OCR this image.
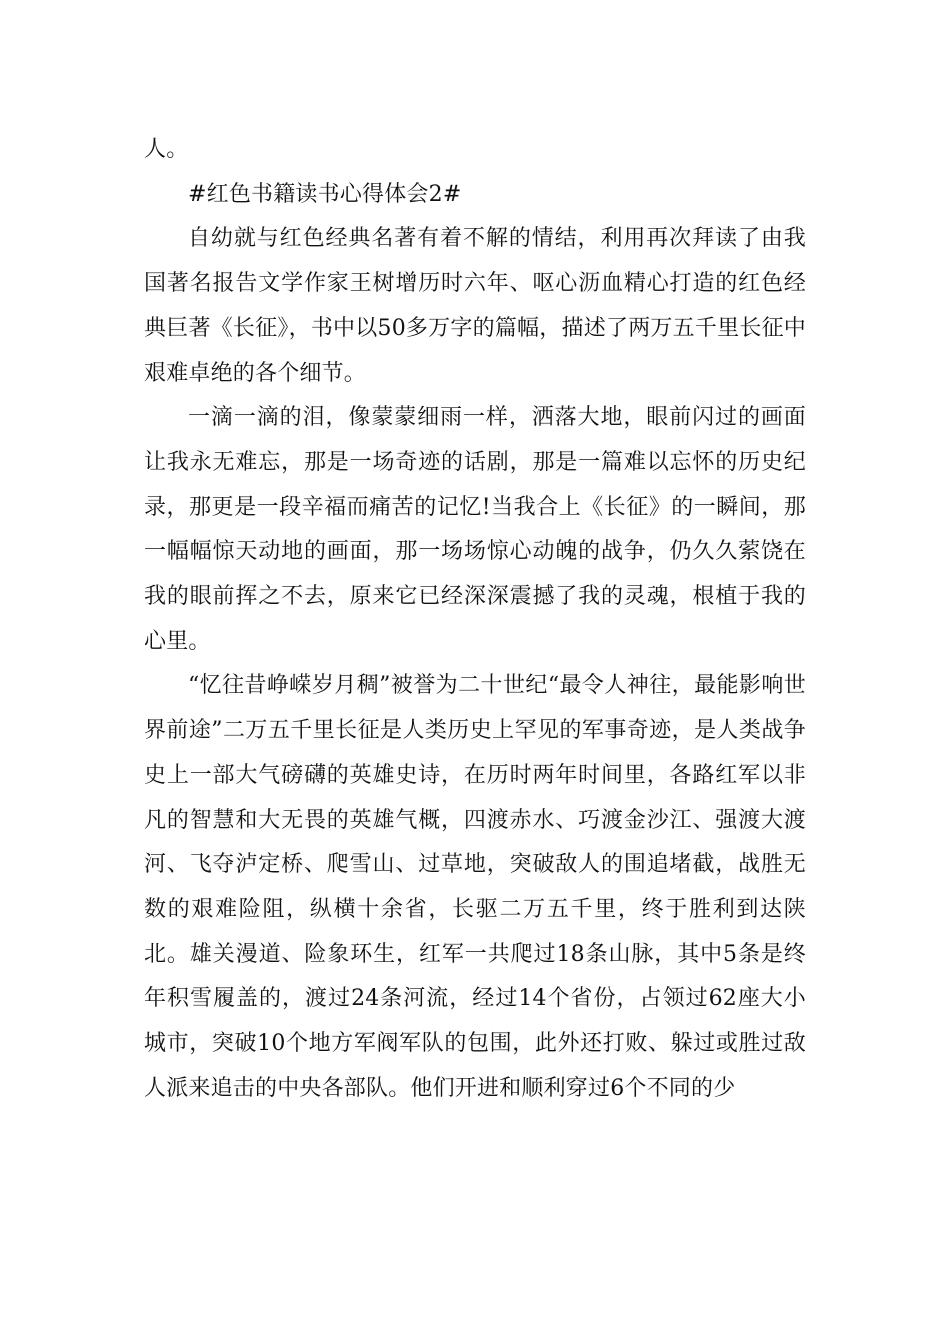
人。

#红色书籍读书心得体会2#

自幼就与红色经典名著有着不解的情结，利用再次拜读了由我国著名报告文学作家王树增历时六年、呕心沥血精心打造的红色经典巨著《长征》，书中以50多万字的篇幅，描述了两万五千里长征中艰难卓绝的各个细节。

一滴一滴的泪，像蒙蒙细雨一样，洒落大地，眼前闪过的画面让我永无难忘，那是一场奇迹的话剧，那是一篇难以忘怀的历史纪录，那更是一段辛福而痛苦的记忆!当我合上《长征》的一瞬间，那一幅幅惊天动地的画面，那一场场惊心动魄的战争，仍久久萦饶在我的眼前挥之不去，原来它已经深深震撼了我的灵魂，根植于我的心里。

“忆往昔峥嵘岁月稠”被誉为二十世纪“最令人神往，最能影响世界前途”二万五千里长征是人类历史上罕见的军事奇迹，是人类战争史上一部大气磅礴的英雄史诗，在历时两年时间里，各路红军以非凡的智慧和大无畏的英雄气概，四渡赤水、巧渡金沙江、强渡大渡河、飞夺泸定桥、爬雪山、过草地，突破敌人的围追堵截，战胜无数的艰难险阻，纵横十余省，长驱二万五千里，终于胜利到达陕北。雄关漫道、险象环生，红军一共爬过18条山脉，其中5条是终年积雪履盖的，渡过24条河流，经过14个省份，占领过62座大小城市，突破10个地方军阀军队的包围，此外还打败、躲过或胜过敌人派来追击的中央各部队。他们开进和顺利穿过6个不同的少
